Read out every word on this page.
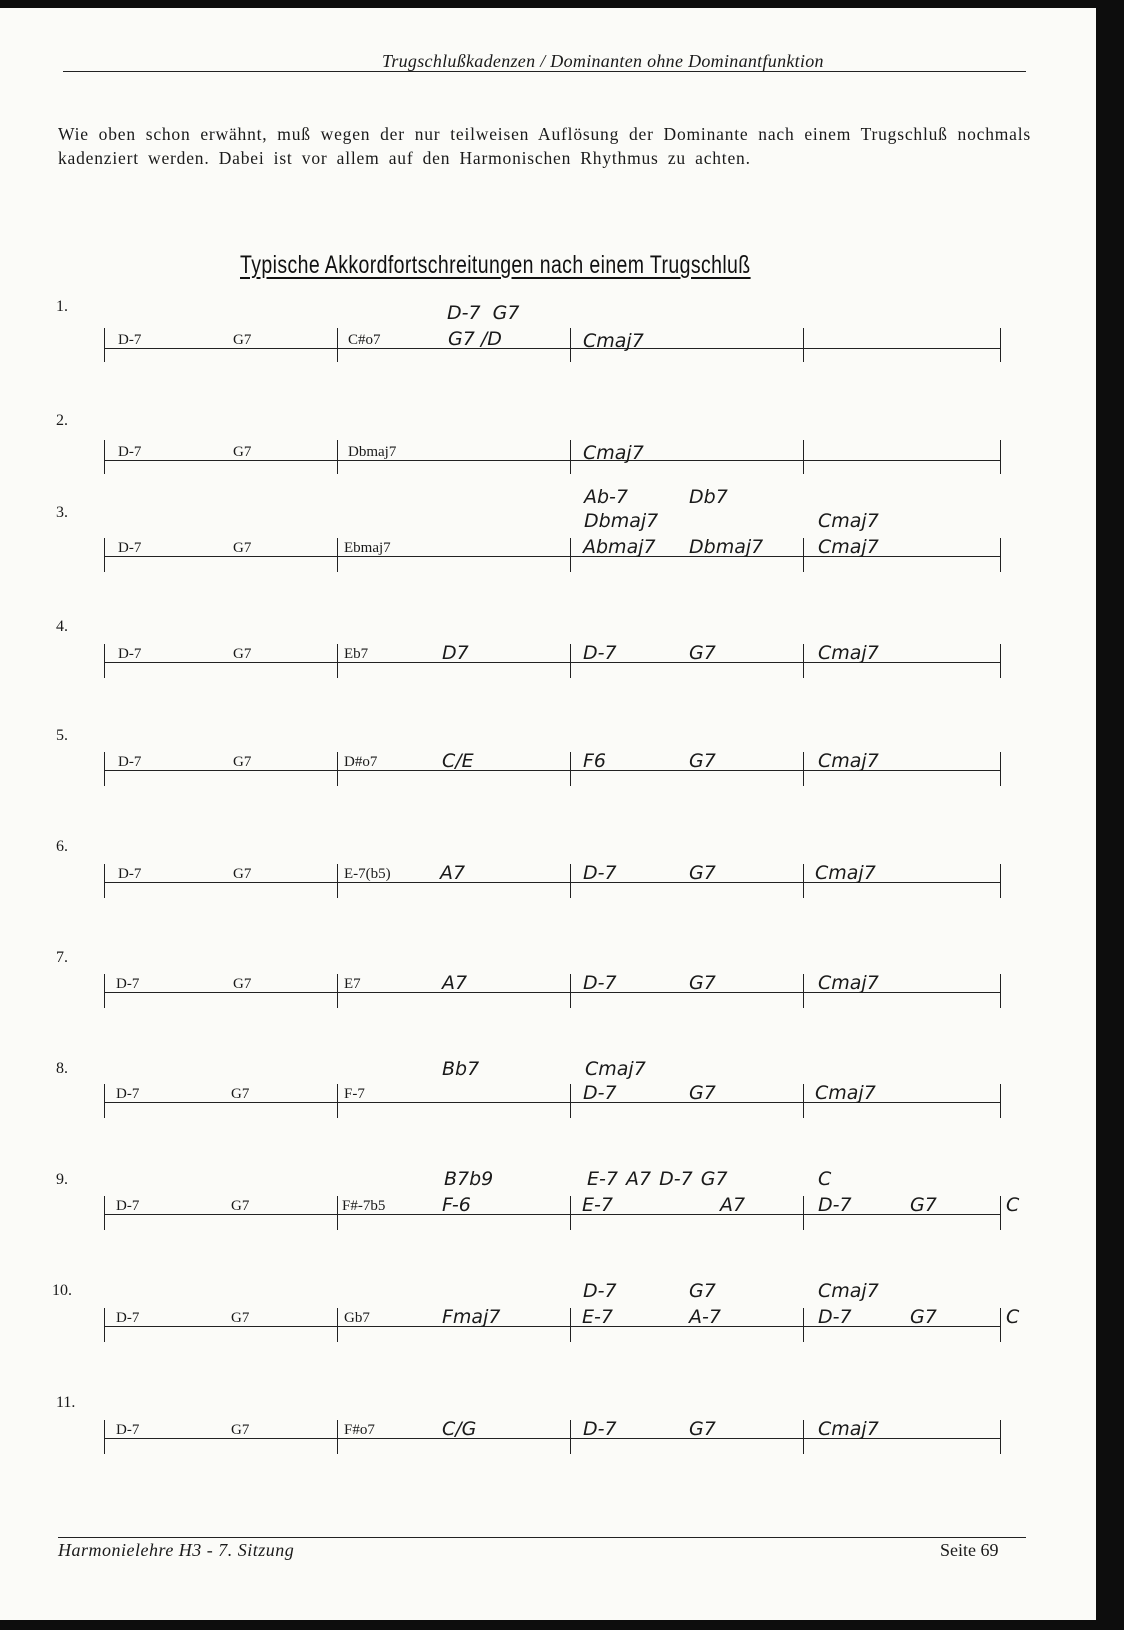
Trugschlußkadenzen / Dominanten ohne Dominantfunktion
Wie oben schon erwähnt, muß wegen der nur teilweisen Auflösung der Dominante nach einem Trugschluß nochmals kadenziert werden. Dabei ist vor allem auf den Harmonischen Rhythmus zu achten.
Typische Akkordfortschreitungen nach einem Trugschluß
1.
D-7	G7	C#o7
D-7  G7
G7 /D	Cmaj7
2.
D-7	G7	Dbmaj7	Cmaj7
3.
D-7	G7	Ebmaj7
Ab-7	Db7
Dbmaj7	Cmaj7
Abmaj7 Dbmaj7	Cmaj7
4.
D-7	G7	Eb7	D7	D-7	G7	Cmaj7
5.
D-7	G7	D#o7	C/E	F6	G7	Cmaj7
6.
D-7	G7	E-7(b5)	A7	D-7	G7	Cmaj7
7.
D-7	G7	E7	A7	D-7	G7	Cmaj7
8.
D-7	G7	F-7
Bb7	Cmaj7
D-7	G7	Cmaj7
9.
D-7	G7	F#-7b5
B7b9	E-7 A7 D-7 G7	C
F-6	E-7	A7	D-7	G7	C
10.
D-7	G7	Gb7
D-7	G7	Cmaj7
Fmaj7	E-7	A-7	D-7	G7	C
11.
D-7	G7	F#o7	C/G	D-7	G7	Cmaj7
Harmonielehre H3 - 7. Sitzung	Seite 69
